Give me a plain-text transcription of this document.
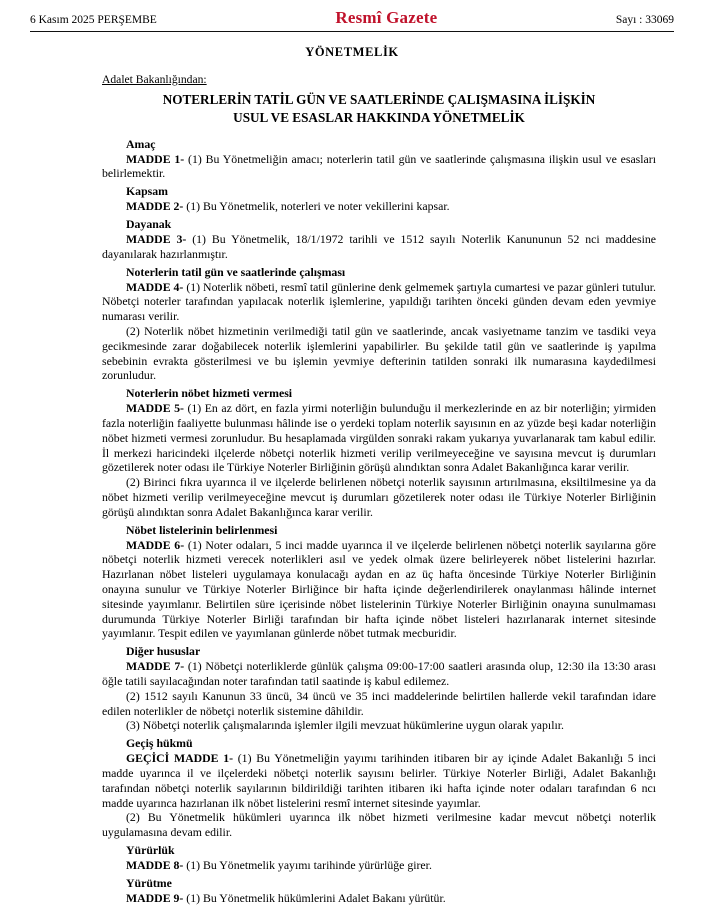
6 Kasım 2025 PERŞEMBE	Resmî Gazete	Sayı : 33069
YÖNETMELİK
Adalet Bakanlığından:
NOTERLERİN TATİL GÜN VE SAATLERİNDE ÇALIŞMASINA İLİŞKİN
USUL VE ESASLAR HAKKINDA YÖNETMELİK
Amaç

MADDE 1- (1) Bu Yönetmeliğin amacı; noterlerin tatil gün ve saatlerinde çalışmasına ilişkin usul ve esasları belirlemektir.

Kapsam

MADDE 2- (1) Bu Yönetmelik, noterleri ve noter vekillerini kapsar.

Dayanak

MADDE 3- (1) Bu Yönetmelik, 18/1/1972 tarihli ve 1512 sayılı Noterlik Kanununun 52 nci maddesine dayanılarak hazırlanmıştır.

Noterlerin tatil gün ve saatlerinde çalışması

MADDE 4- (1) Noterlik nöbeti, resmî tatil günlerine denk gelmemek şartıyla cumartesi ve pazar günleri tutulur. Nöbetçi noterler tarafından yapılacak noterlik işlemlerine, yapıldığı tarihten önceki günden devam eden yevmiye numarası verilir.

(2) Noterlik nöbet hizmetinin verilmediği tatil gün ve saatlerinde, ancak vasiyetname tanzim ve tasdiki veya gecikmesinde zarar doğabilecek noterlik işlemlerini yapabilirler. Bu şekilde tatil gün ve saatlerinde iş yapılma sebebinin evrakta gösterilmesi ve bu işlemin yevmiye defterinin tatilden sonraki ilk numarasına kaydedilmesi zorunludur.

Noterlerin nöbet hizmeti vermesi

MADDE 5- (1) En az dört, en fazla yirmi noterliğin bulunduğu il merkezlerinde en az bir noterliğin; yirmiden fazla noterliğin faaliyette bulunması hâlinde ise o yerdeki toplam noterlik sayısının en az yüzde beşi kadar noterliğin nöbet hizmeti vermesi zorunludur. Bu hesaplamada virgülden sonraki rakam yukarıya yuvarlanarak tam kabul edilir. İl merkezi haricindeki ilçelerde nöbetçi noterlik hizmeti verilip verilmeyeceğine ve sayısına mevcut iş durumları gözetilerek noter odası ile Türkiye Noterler Birliğinin görüşü alındıktan sonra Adalet Bakanlığınca karar verilir.

(2) Birinci fıkra uyarınca il ve ilçelerde belirlenen nöbetçi noterlik sayısının artırılmasına, eksiltilmesine ya da nöbet hizmeti verilip verilmeyeceğine mevcut iş durumları gözetilerek noter odası ile Türkiye Noterler Birliğinin görüşü alındıktan sonra Adalet Bakanlığınca karar verilir.

Nöbet listelerinin belirlenmesi

MADDE 6- (1) Noter odaları, 5 inci madde uyarınca il ve ilçelerde belirlenen nöbetçi noterlik sayılarına göre nöbetçi noterlik hizmeti verecek noterlikleri asıl ve yedek olmak üzere belirleyerek nöbet listelerini hazırlar. Hazırlanan nöbet listeleri uygulamaya konulacağı aydan en az üç hafta öncesinde Türkiye Noterler Birliğinin onayına sunulur ve Türkiye Noterler Birliğince bir hafta içinde değerlendirilerek onaylanması hâlinde internet sitesinde yayımlanır. Belirtilen süre içerisinde nöbet listelerinin Türkiye Noterler Birliğinin onayına sunulmaması durumunda Türkiye Noterler Birliği tarafından bir hafta içinde nöbet listeleri hazırlanarak internet sitesinde yayımlanır. Tespit edilen ve yayımlanan günlerde nöbet tutmak mecburidir.

Diğer hususlar

MADDE 7- (1) Nöbetçi noterliklerde günlük çalışma 09:00-17:00 saatleri arasında olup, 12:30 ila 13:30 arası öğle tatili sayılacağından noter tarafından tatil saatinde iş kabul edilemez.

(2) 1512 sayılı Kanunun 33 üncü, 34 üncü ve 35 inci maddelerinde belirtilen hallerde vekil tarafından idare edilen noterlikler de nöbetçi noterlik sistemine dâhildir.

(3) Nöbetçi noterlik çalışmalarında işlemler ilgili mevzuat hükümlerine uygun olarak yapılır.

Geçiş hükmü

GEÇİCİ MADDE 1- (1) Bu Yönetmeliğin yayımı tarihinden itibaren bir ay içinde Adalet Bakanlığı 5 inci madde uyarınca il ve ilçelerdeki nöbetçi noterlik sayısını belirler. Türkiye Noterler Birliği, Adalet Bakanlığı tarafından nöbetçi noterlik sayılarının bildirildiği tarihten itibaren iki hafta içinde noter odaları tarafından 6 ncı madde uyarınca hazırlanan ilk nöbet listelerini resmî internet sitesinde yayımlar.

(2) Bu Yönetmelik hükümleri uyarınca ilk nöbet hizmeti verilmesine kadar mevcut nöbetçi noterlik uygulamasına devam edilir.

Yürürlük

MADDE 8- (1) Bu Yönetmelik yayımı tarihinde yürürlüğe girer.

Yürütme

MADDE 9- (1) Bu Yönetmelik hükümlerini Adalet Bakanı yürütür.
